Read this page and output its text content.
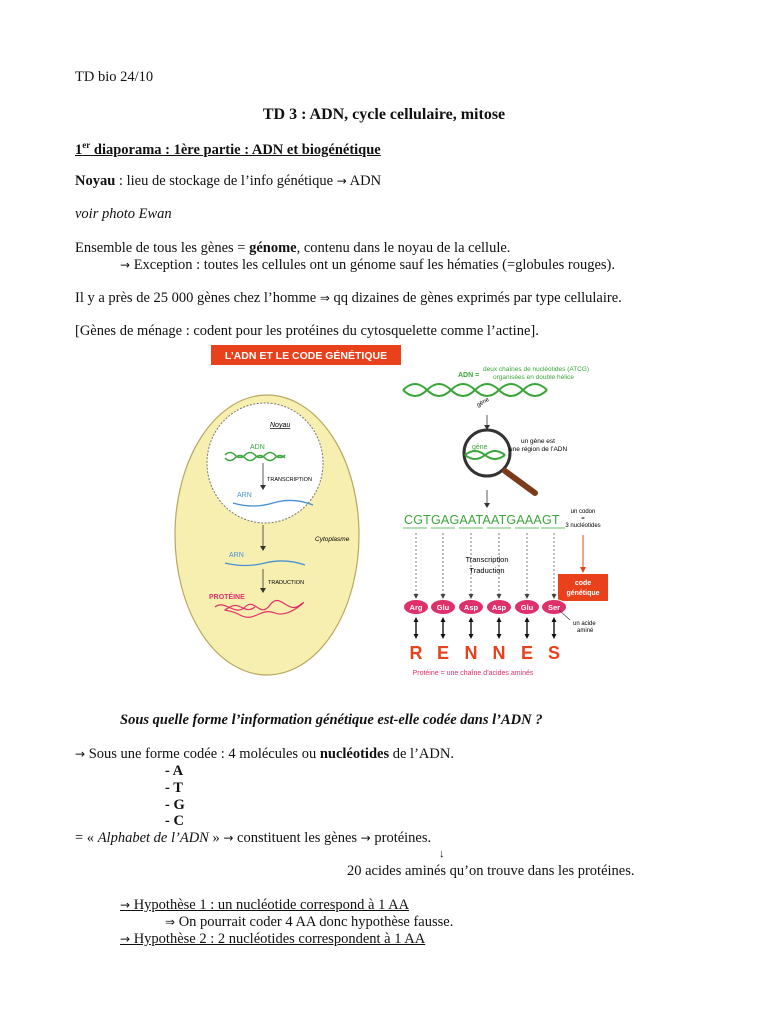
TD bio 24/10
TD 3 : ADN, cycle cellulaire, mitose
1er diaporama : 1ère partie : ADN et biogénétique
Noyau : lieu de stockage de l’info génétique → ADN
voir photo Ewan
Ensemble de tous les gènes = génome, contenu dans le noyau de la cellule.
→ Exception : toutes les cellules ont un génome sauf les hématies (=globules rouges).
Il y a près de 25 000 gènes chez l’homme ⇒ qq dizaines de gènes exprimés par type cellulaire.
[Gènes de ménage : codent pour les protéines du cytosquelette comme l’actine].
L’ADN ET LE CODE GÉNÉTIQUE
Noyau
ADN
TRANSCRIPTION
ARN
Cytoplasme
ARN
TRADUCTION
PROTÉINE
ADN =
deux chaînes de nucléotides (ATCG)
organisées en double hélice
gène
gène
un gène est
une région de l’ADN
CGTGAGAATAATGAAAGT
un codon
=
3 nucléotides
Transcription
Traduction
code
génétique
Arg Glu Asp Asp Glu Ser
R E N N E S
un acide
aminé
Protéine = une chaîne d’acides aminés
Sous quelle forme l’information génétique est-elle codée dans l’ADN ?
→ Sous une forme codée : 4 molécules ou nucléotides de l’ADN.
- A
- T
- G
- C
= « Alphabet de l’ADN » → constituent les gènes → protéines.
↓
20 acides aminés qu’on trouve dans les protéines.
→ Hypothèse 1 : un nucléotide correspond à 1 AA
⇒ On pourrait coder 4 AA donc hypothèse fausse.
→ Hypothèse 2 : 2 nucléotides correspondent à 1 AA
